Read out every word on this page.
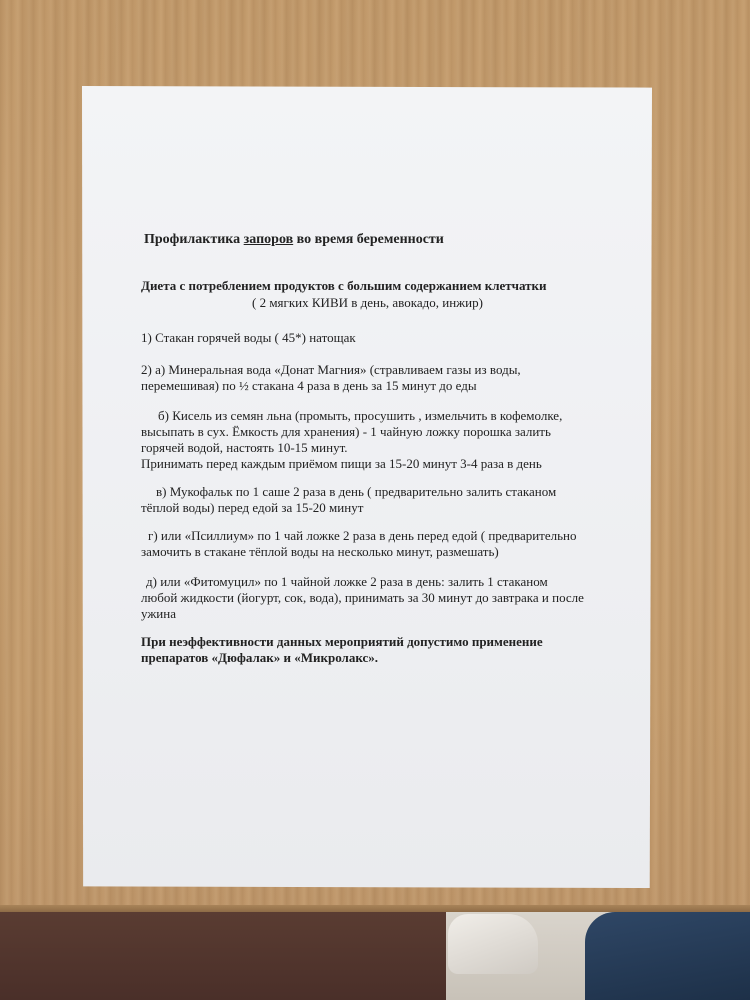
Профилактика запоров во время беременности

Диета с потреблением продуктов с большим содержанием клетчатки

( 2 мягких КИВИ в день, авокадо, инжир)

1) Стакан горячей воды ( 45*) натощак

2) а) Минеральная вода «Донат Магния» (стравливаем газы из воды,

перемешивая) по ½ стакана 4 раза в день за 15 минут до еды

б) Кисель из семян льна (промыть, просушить , измельчить в кофемолке,

высыпать в сух. Ёмкость для хранения) - 1 чайную ложку порошка залить

горячей водой, настоять 10-15 минут.

Принимать перед каждым приёмом пищи за 15-20 минут 3-4 раза в день

в) Мукофальк по 1 саше 2 раза в день ( предварительно залить стаканом

тёплой воды) перед едой за 15-20 минут

г) или «Псиллиум» по 1 чай ложке 2 раза в день перед едой ( предварительно

замочить в стакане тёплой воды на несколько минут, размешать)

д) или «Фитомуцил» по 1 чайной ложке 2 раза в день: залить 1 стаканом

любой жидкости (йогурт, сок, вода), принимать за 30 минут до завтрака и после

ужина

При неэффективности данных мероприятий допустимо применение

препаратов «Дюфалак» и «Микролакс».
